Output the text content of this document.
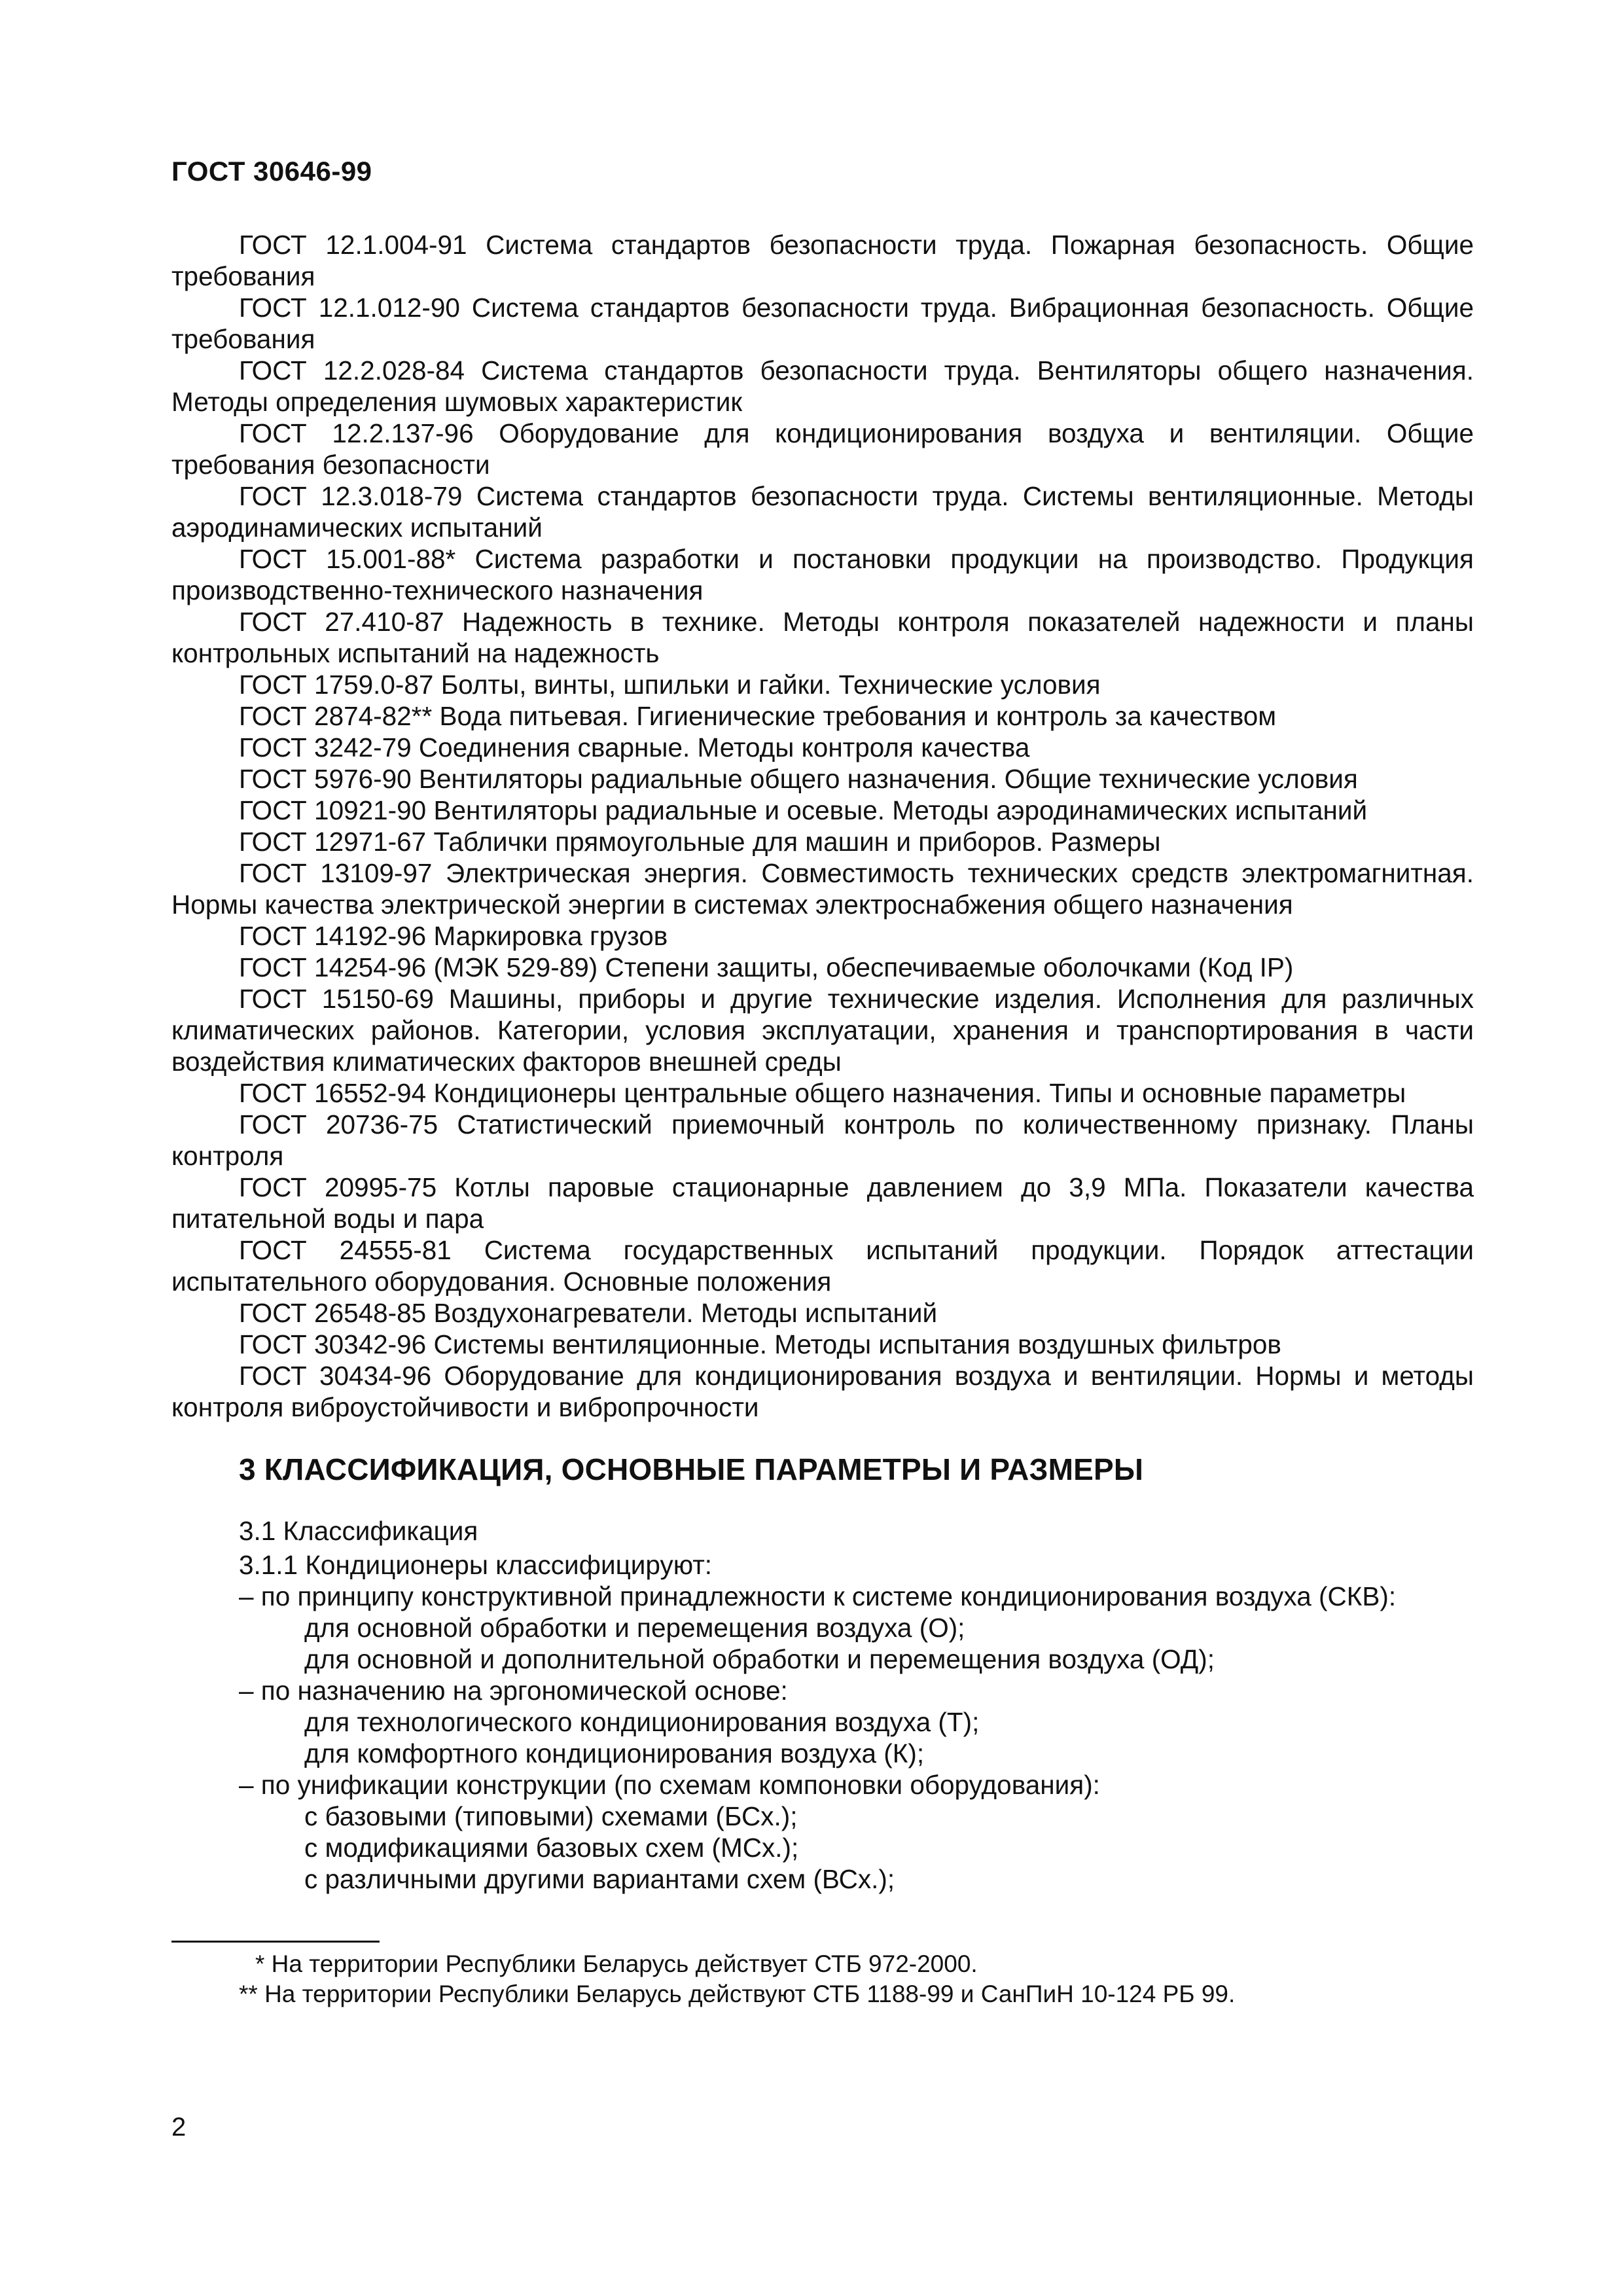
ГОСТ 30646-99

ГОСТ 12.1.004-91 Система стандартов безопасности труда. Пожарная безопасность. Общие требования

ГОСТ 12.1.012-90 Система стандартов безопасности труда. Вибрационная безопасность. Общие требования

ГОСТ 12.2.028-84 Система стандартов безопасности труда. Вентиляторы общего назначения. Методы определения шумовых характеристик

ГОСТ 12.2.137-96 Оборудование для кондиционирования воздуха и вентиляции. Общие требования безопасности

ГОСТ 12.3.018-79 Система стандартов безопасности труда. Системы вентиляционные. Методы аэродинамических испытаний

ГОСТ 15.001-88* Система разработки и постановки продукции на производство. Продукция производственно-технического назначения

ГОСТ 27.410-87 Надежность в технике. Методы контроля показателей надежности и планы контрольных испытаний на надежность

ГОСТ 1759.0-87 Болты, винты, шпильки и гайки. Технические условия

ГОСТ 2874-82** Вода питьевая. Гигиенические требования и контроль за качеством

ГОСТ 3242-79 Соединения сварные. Методы контроля качества

ГОСТ 5976-90 Вентиляторы радиальные общего назначения. Общие технические условия

ГОСТ 10921-90 Вентиляторы радиальные и осевые. Методы аэродинамических испытаний

ГОСТ 12971-67 Таблички прямоугольные для машин и приборов. Размеры

ГОСТ 13109-97 Электрическая энергия. Совместимость технических средств электромагнитная. Нормы качества электрической энергии в системах электроснабжения общего назначения

ГОСТ 14192-96 Маркировка грузов

ГОСТ 14254-96 (МЭК 529-89) Степени защиты, обеспечиваемые оболочками (Код IP)

ГОСТ 15150-69 Машины, приборы и другие технические изделия. Исполнения для различных климатических районов. Категории, условия эксплуатации, хранения и транспортирования в части воздействия климатических факторов внешней среды

ГОСТ 16552-94 Кондиционеры центральные общего назначения. Типы и основные параметры

ГОСТ 20736-75 Статистический приемочный контроль по количественному признаку. Планы контроля

ГОСТ 20995-75 Котлы паровые стационарные давлением до 3,9 МПа. Показатели качества питательной воды и пара

ГОСТ 24555-81 Система государственных испытаний продукции. Порядок аттестации испытательного оборудования. Основные положения

ГОСТ 26548-85 Воздухонагреватели. Методы испытаний

ГОСТ 30342-96 Системы вентиляционные. Методы испытания воздушных фильтров

ГОСТ 30434-96 Оборудование для кондиционирования воздуха и вентиляции. Нормы и методы контроля виброустойчивости и вибропрочности

3 КЛАССИФИКАЦИЯ, ОСНОВНЫЕ ПАРАМЕТРЫ И РАЗМЕРЫ

3.1 Классификация

3.1.1 Кондиционеры классифицируют:

– по принципу конструктивной принадлежности к системе кондиционирования воздуха (СКВ):

для основной обработки и перемещения воздуха (О);

для основной и дополнительной обработки и перемещения воздуха (ОД);

– по назначению на эргономической основе:

для технологического кондиционирования воздуха (Т);

для комфортного кондиционирования воздуха (К);

– по унификации конструкции (по схемам компоновки оборудования):

с базовыми (типовыми) схемами (БСх.);

с модификациями базовых схем (МСх.);

с различными другими вариантами схем (ВСх.);

* На территории Республики Беларусь действует СТБ 972-2000.

** На территории Республики Беларусь действуют СТБ 1188-99 и СанПиН 10-124 РБ 99.

2
